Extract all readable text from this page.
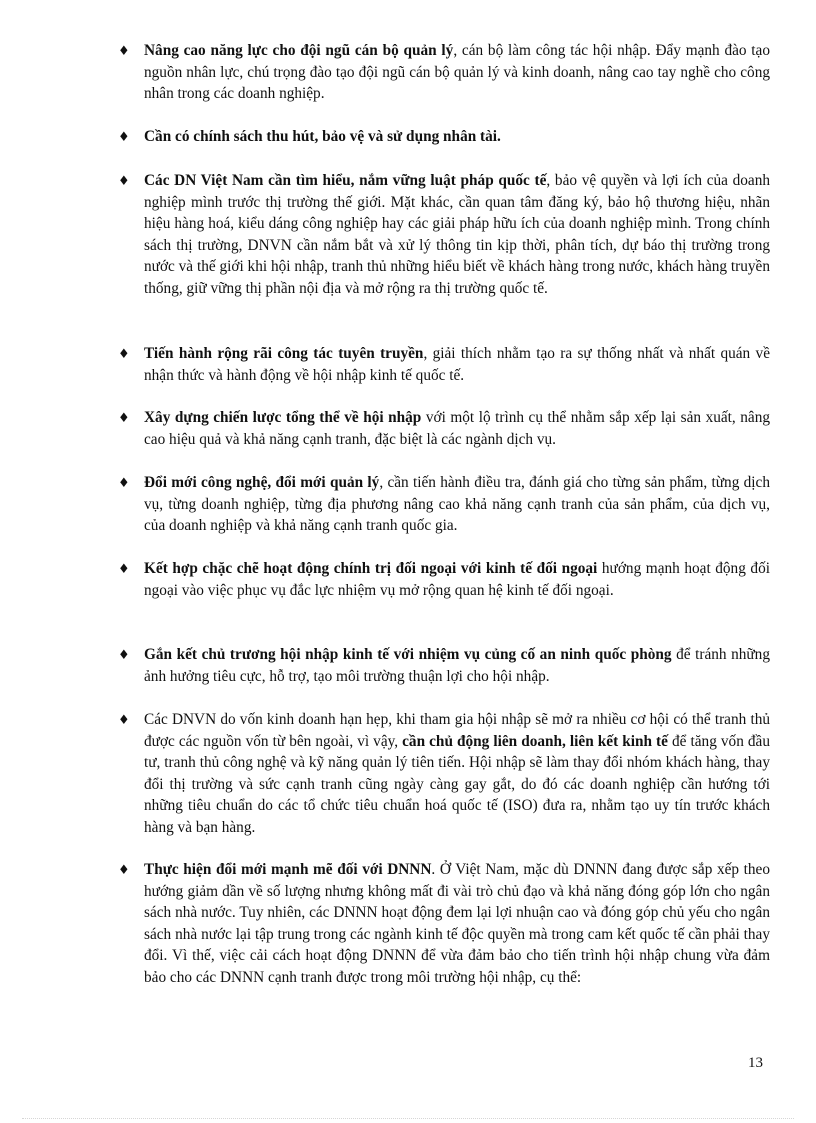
♦ Nâng cao năng lực cho đội ngũ cán bộ quản lý, cán bộ làm công tác hội nhập. Đẩy mạnh đào tạo nguồn nhân lực, chú trọng đào tạo đội ngũ cán bộ quản lý và kinh doanh, nâng cao tay nghề cho công nhân trong các doanh nghiệp.

♦ Cần có chính sách thu hút, bảo vệ và sử dụng nhân tài.

♦ Các DN Việt Nam cần tìm hiểu, nắm vững luật pháp quốc tế, bảo vệ quyền và lợi ích của doanh nghiệp mình trước thị trường thế giới. Mặt khác, cần quan tâm đăng ký, bảo hộ thương hiệu, nhãn hiệu hàng hoá, kiểu dáng công nghiệp hay các giải pháp hữu ích của doanh nghiệp mình. Trong chính sách thị trường, DNVN cần nắm bắt và xử lý thông tin kịp thời, phân tích, dự báo thị trường trong nước và thế giới khi hội nhập, tranh thủ những hiểu biết về khách hàng trong nước, khách hàng truyền thống, giữ vững thị phần nội địa và mở rộng ra thị trường quốc tế.

♦ Tiến hành rộng rãi công tác tuyên truyền, giải thích nhằm tạo ra sự thống nhất và nhất quán về nhận thức và hành động về hội nhập kinh tế quốc tế.

♦ Xây dựng chiến lược tổng thể về hội nhập với một lộ trình cụ thể nhằm sắp xếp lại sản xuất, nâng cao hiệu quả và khả năng cạnh tranh, đặc biệt là các ngành dịch vụ.

♦ Đổi mới công nghệ, đổi mới quản lý, cần tiến hành điều tra, đánh giá cho từng sản phẩm, từng dịch vụ, từng doanh nghiệp, từng địa phương nâng cao khả năng cạnh tranh của sản phẩm, của dịch vụ, của doanh nghiệp và khả năng cạnh tranh quốc gia.

♦ Kết hợp chặc chẽ hoạt động chính trị đối ngoại với kinh tế đối ngoại hướng mạnh hoạt động đối ngoại vào việc phục vụ đắc lực nhiệm vụ mở rộng quan hệ kinh tế đối ngoại.

♦ Gắn kết chủ trương hội nhập kinh tế với nhiệm vụ củng cố an ninh quốc phòng để tránh những ảnh hưởng tiêu cực, hỗ trợ, tạo môi trường thuận lợi cho hội nhập.

♦ Các DNVN do vốn kinh doanh hạn hẹp, khi tham gia hội nhập sẽ mở ra nhiều cơ hội có thể tranh thủ được các nguồn vốn từ bên ngoài, vì vậy, cần chủ động liên doanh, liên kết kinh tế để tăng vốn đầu tư, tranh thủ công nghệ và kỹ năng quản lý tiên tiến. Hội nhập sẽ làm thay đổi nhóm khách hàng, thay đổi thị trường và sức cạnh tranh cũng ngày càng gay gắt, do đó các doanh nghiệp cần hướng tới những tiêu chuẩn do các tổ chức tiêu chuẩn hoá quốc tế (ISO) đưa ra, nhằm tạo uy tín trước khách hàng và bạn hàng.

♦ Thực hiện đổi mới mạnh mẽ đối với DNNN. Ở Việt Nam, mặc dù DNNN đang được sắp xếp theo hướng giảm dần về số lượng nhưng không mất đi vài trò chủ đạo và khả năng đóng góp lớn cho ngân sách nhà nước. Tuy nhiên, các DNNN hoạt động đem lại lợi nhuận cao và đóng góp chủ yếu cho ngân sách nhà nước lại tập trung trong các ngành kinh tế độc quyền mà trong cam kết quốc tế cần phải thay đổi. Vì thế, việc cải cách hoạt động DNNN để vừa đảm bảo cho tiến trình hội nhập chung vừa đảm bảo cho các DNNN cạnh tranh được trong môi trường hội nhập, cụ thể:

13
